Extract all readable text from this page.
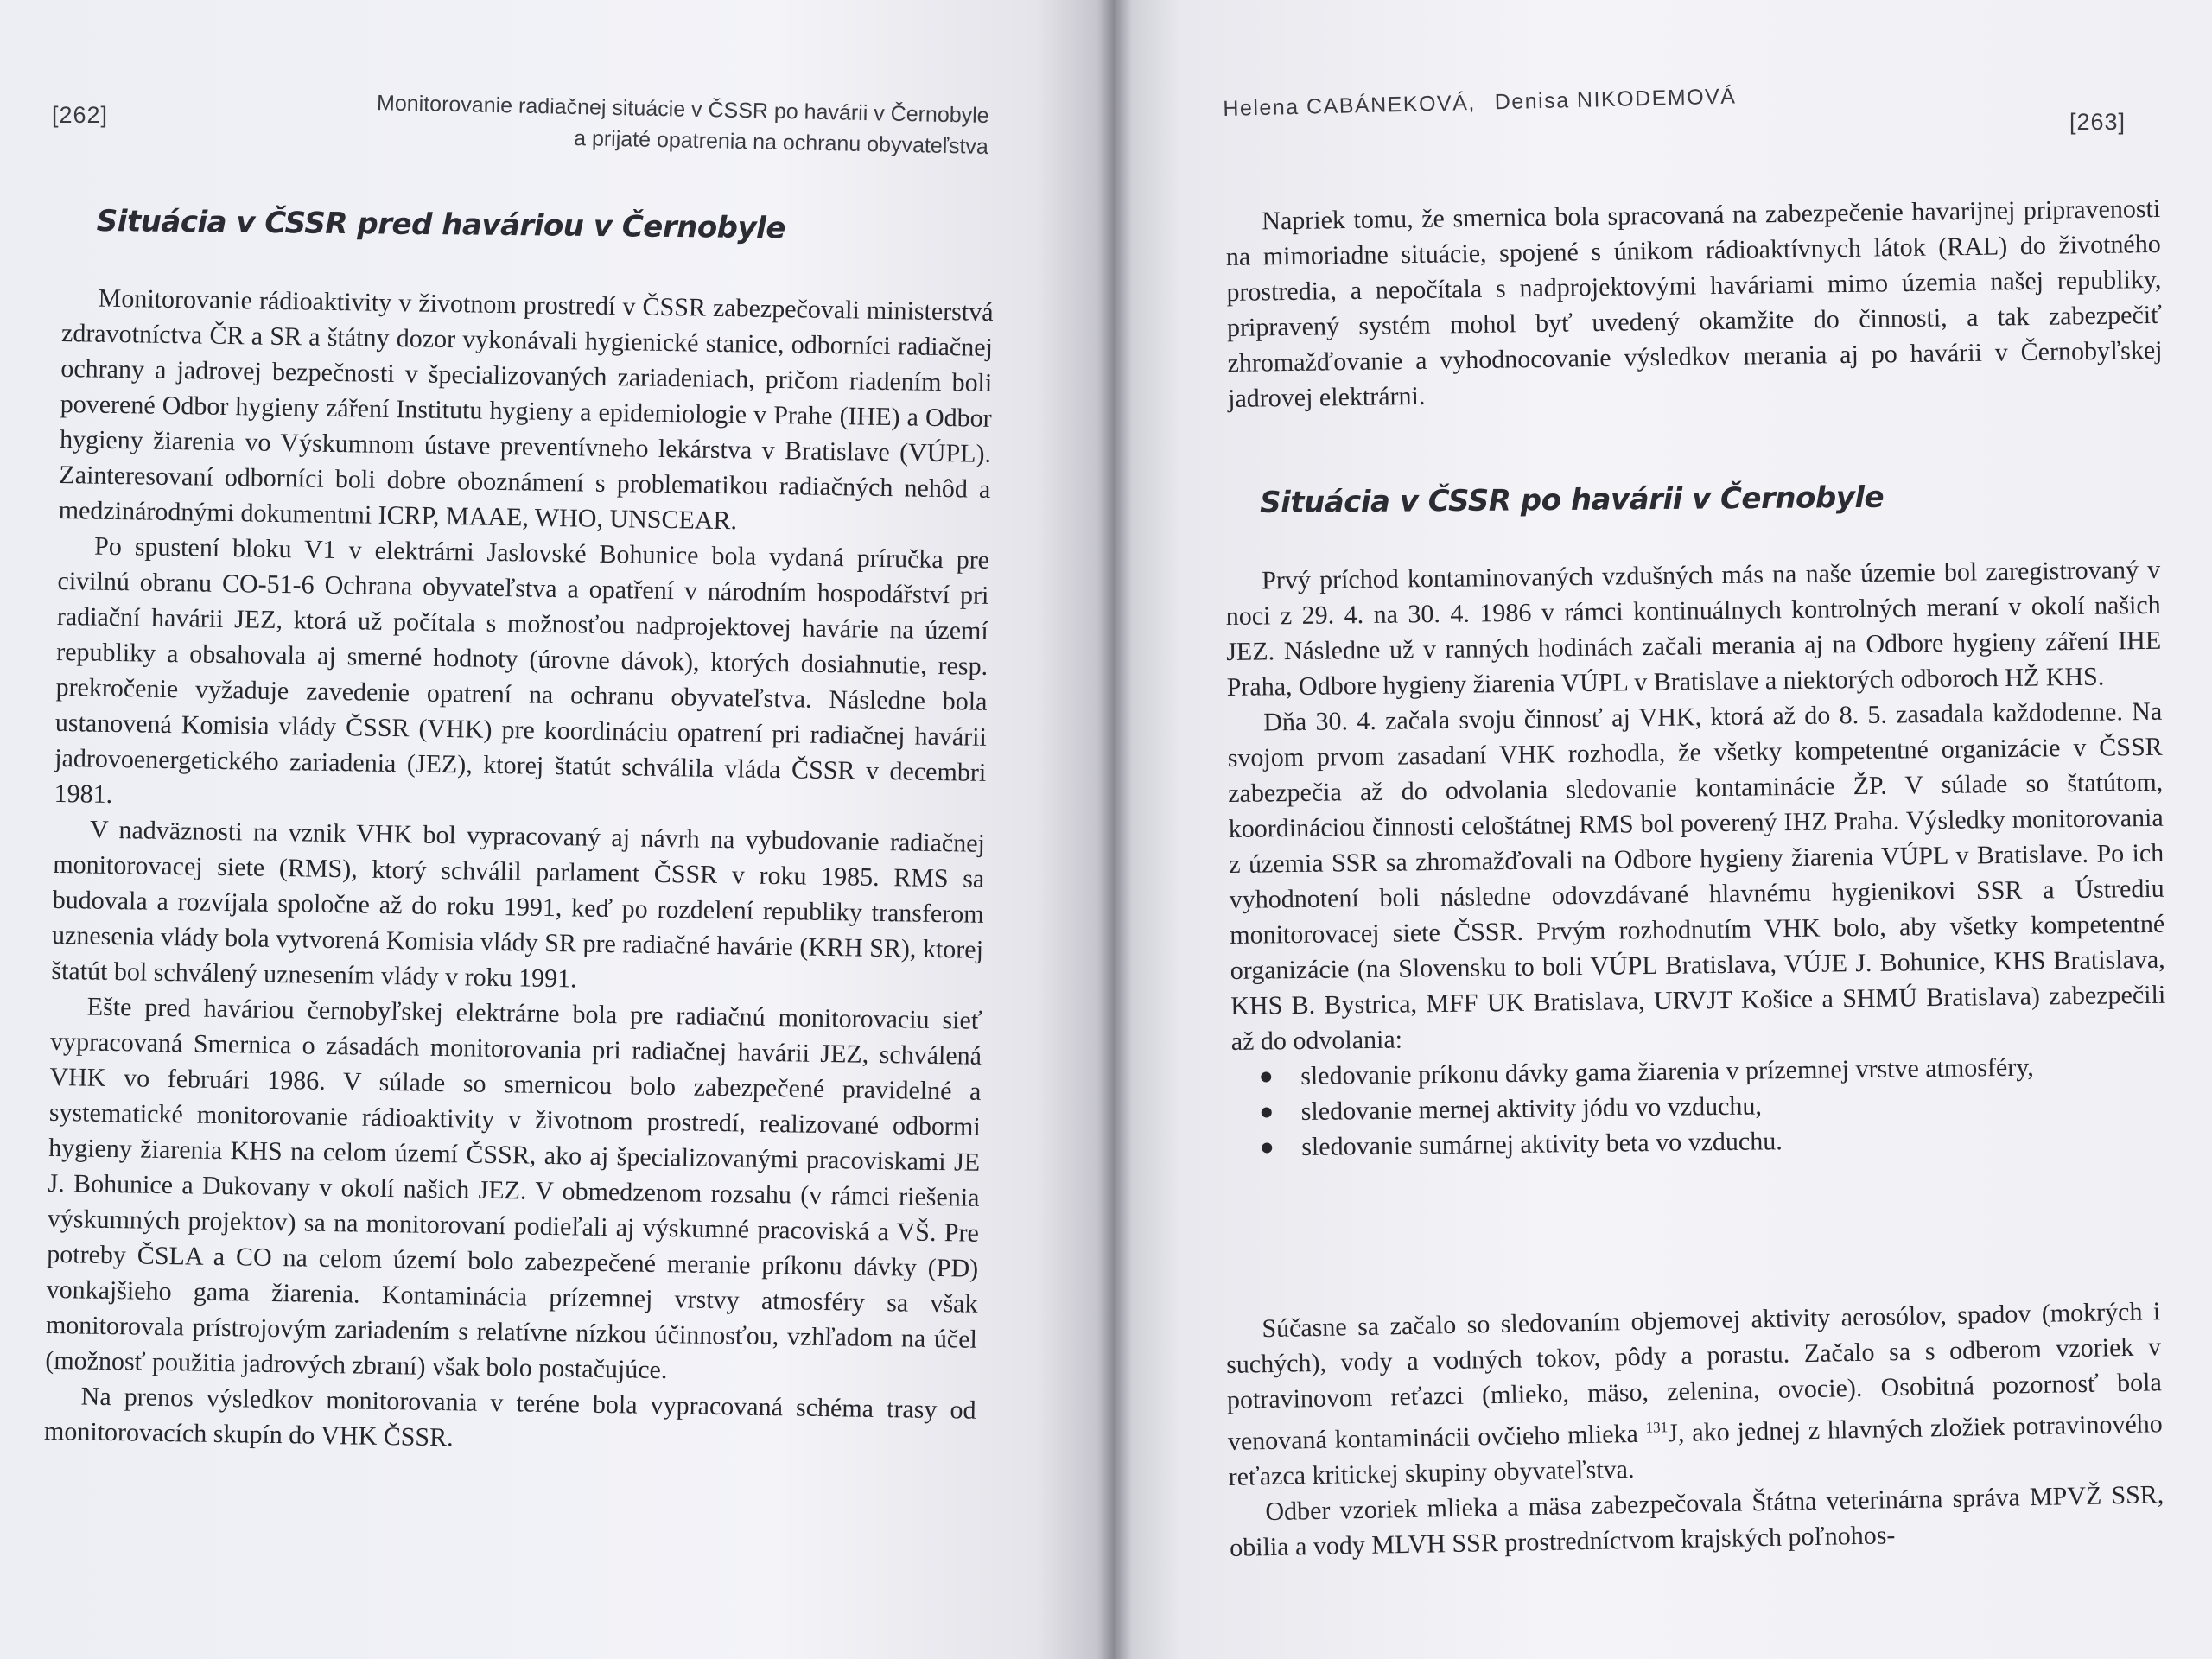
[262]	Monitorovanie radiačnej situácie v ČSSR po havárii v Černobyle
a prijaté opatrenia na ochranu obyvateľstva
Situácia v ČSSR pred haváriou v Černobyle

Monitorovanie rádioaktivity v životnom prostredí v ČSSR zabezpečovali ministerstvá zdravotníctva ČR a SR a štátny dozor vykonávali hygienické stanice, odborníci radiačnej ochrany a jadrovej bezpečnosti v špecializovaných zariadeniach, pričom riadením boli poverené Odbor hygieny záření Institutu hygieny a epidemiologie v Prahe (IHE) a Odbor hygieny žiarenia vo Výskumnom ústave preventívneho lekárstva v Bratislave (VÚPL). Zainteresovaní odborníci boli dobre oboznámení s problematikou radiačných nehôd a medzinárodnými dokumentmi ICRP, MAAE, WHO, UNSCEAR.

Po spustení bloku V1 v elektrárni Jaslovské Bohunice bola vydaná príručka pre civilnú obranu CO-51-6 Ochrana obyvateľstva a opatření v národním hospodářství pri radiační havárii JEZ, ktorá už počítala s možnosťou nadprojektovej havárie na území republiky a obsahovala aj smerné hodnoty (úrovne dávok), ktorých dosiahnutie, resp. prekročenie vyžaduje zavedenie opatrení na ochranu obyvateľstva. Následne bola ustanovená Komisia vlády ČSSR (VHK) pre koordináciu opatrení pri radiačnej havárii jadrovoenergetického zariadenia (JEZ), ktorej štatút schválila vláda ČSSR v decembri 1981.

V nadväznosti na vznik VHK bol vypracovaný aj návrh na vybudovanie radiačnej monitorovacej siete (RMS), ktorý schválil parlament ČSSR v roku 1985. RMS sa budovala a rozvíjala spoločne až do roku 1991, keď po rozdelení republiky transferom uznesenia vlády bola vytvorená Komisia vlády SR pre radiačné havárie (KRH SR), ktorej štatút bol schválený uznesením vlády v roku 1991.

Ešte pred haváriou černobyľskej elektrárne bola pre radiačnú monitorovaciu sieť vypracovaná Smernica o zásadách monitorovania pri radiačnej havárii JEZ, schválená VHK vo februári 1986. V súlade so smernicou bolo zabezpečené pravidelné a systematické monitorovanie rádioaktivity v životnom prostredí, realizované odbormi hygieny žiarenia KHS na celom území ČSSR, ako aj špecializovanými pracoviskami JE J. Bohunice a Dukovany v okolí našich JEZ. V obmedzenom rozsahu (v rámci riešenia výskumných projektov) sa na monitorovaní podieľali aj výskumné pracoviská a VŠ. Pre potreby ČSLA a CO na celom území bolo zabezpečené meranie príkonu dávky (PD) vonkajšieho gama žiarenia. Kontaminácia prízemnej vrstvy atmosféry sa však monitorovala prístrojovým zariadením s relatívne nízkou účinnosťou, vzhľadom na účel (možnosť použitia jadrových zbraní) však bolo postačujúce.

Na prenos výsledkov monitorovania v teréne bola vypracovaná schéma trasy od monitorovacích skupín do VHK ČSSR.

Helena CABÁNEKOVÁ, Denisa NIKODEMOVÁ
[263]

Napriek tomu, že smernica bola spracovaná na zabezpečenie havarijnej pripravenosti na mimoriadne situácie, spojené s únikom rádioaktívnych látok (RAL) do životného prostredia, a nepočítala s nadprojektovými haváriami mimo územia našej republiky, pripravený systém mohol byť uvedený okamžite do činnosti, a tak zabezpečiť zhromažďovanie a vyhodnocovanie výsledkov merania aj po havárii v Černobyľskej jadrovej elektrárni.

Situácia v ČSSR po havárii v Černobyle

Prvý príchod kontaminovaných vzdušných más na naše územie bol zaregistrovaný v noci z 29. 4. na 30. 4. 1986 v rámci kontinuálnych kontrolných meraní v okolí našich JEZ. Následne už v ranných hodinách začali merania aj na Odbore hygieny záření IHE Praha, Odbore hygieny žiarenia VÚPL v Bratislave a niektorých odboroch HŽ KHS.

Dňa 30. 4. začala svoju činnosť aj VHK, ktorá až do 8. 5. zasadala každodenne. Na svojom prvom zasadaní VHK rozhodla, že všetky kompetentné organizácie v ČSSR zabezpečia až do odvolania sledovanie kontaminácie ŽP. V súlade so štatútom, koordináciou činnosti celoštátnej RMS bol poverený IHZ Praha. Výsledky monitorovania z územia SSR sa zhromažďovali na Odbore hygieny žiarenia VÚPL v Bratislave. Po ich vyhodnotení boli následne odovzdávané hlavnému hygienikovi SSR a Ústrediu monitorovacej siete ČSSR. Prvým rozhodnutím VHK bolo, aby všetky kompetentné organizácie (na Slovensku to boli VÚPL Bratislava, VÚJE J. Bohunice, KHS Bratislava, KHS B. Bystrica, MFF UK Bratislava, URVJT Košice a SHMÚ Bratislava) zabezpečili až do odvolania:

sledovanie príkonu dávky gama žiarenia v prízemnej vrstve atmosféry,
sledovanie mernej aktivity jódu vo vzduchu,
sledovanie sumárnej aktivity beta vo vzduchu.

Súčasne sa začalo so sledovaním objemovej aktivity aerosólov, spadov (mokrých i suchých), vody a vodných tokov, pôdy a porastu. Začalo sa s odberom vzoriek v potravinovom reťazci (mlieko, mäso, zelenina, ovocie). Osobitná pozornosť bola venovaná kontaminácii ovčieho mlieka $^{131}$J, ako jednej z hlavných zložiek potravinového reťazca kritickej skupiny obyvateľstva.

Odber vzoriek mlieka a mäsa zabezpečovala Štátna veterinárna správa MPVŽ SSR, obilia a vody MLVH SSR prostredníctvom krajských poľnohos-
